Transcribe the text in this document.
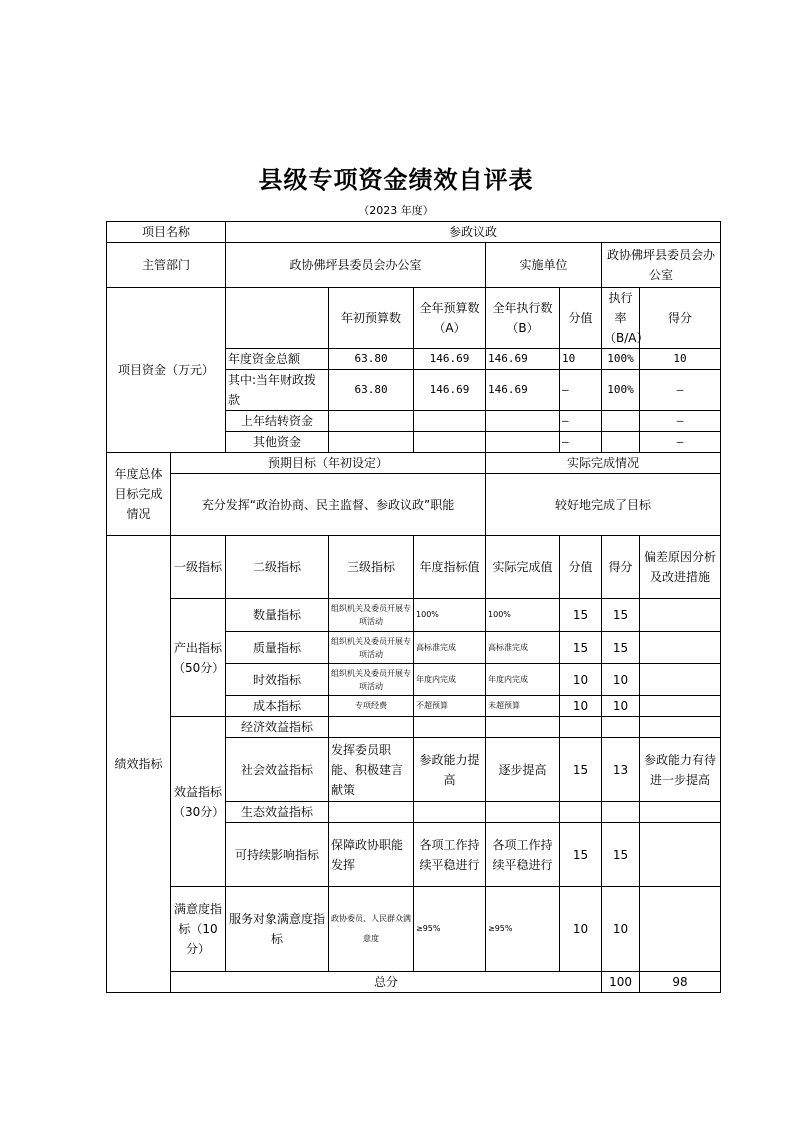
县级专项资金绩效自评表
（2023 年度）
项目名称		参政议政							
主管部门		政协佛坪县委员会办公室			实施单位		政协佛坪县委员会办公室		
项目资金（万元）			年初预算数	全年预算数（A）	全年执行数（B）	分值	执行率（B/A）	得分	
		年度资金总额	63.80	146.69	146.69	10	100%	10	
		其中:当年财政拨款	63.80	146.69	146.69	—	100%	—	
		上年结转资金				—		—	
		其他资金				—		—	
年度总体目标完成情况	预期目标（年初设定）				实际完成情况				
	充分发挥“政治协商、民主监督、参政议政”职能				较好地完成了目标				
绩效指标	一级指标	二级指标	三级指标	年度指标值	实际完成值	分值	得分	偏差原因分析及改进措施	
	产出指标（50分）	数量指标	组织机关及委员开展专项活动	100%	100%	15	15		
		质量指标	组织机关及委员开展专项活动	高标准完成	高标准完成	15	15		
		时效指标	组织机关及委员开展专项活动	年度内完成	年度内完成	10	10		
		成本指标	专项经费	不超预算	未超预算	10	10		
	效益指标（30分）	经济效益指标							
		社会效益指标	发挥委员职能、积极建言献策	参政能力提高	逐步提高	15	13	参政能力有待进一步提高	
		生态效益指标							
		可持续影响指标	保障政协职能发挥	各项工作持续平稳进行	各项工作持续平稳进行	15	15		
	满意度指标（10分）	服务对象满意度指标	政协委员、人民群众满意度	≥95%	≥95%	10	10		
	总分						100	98	
